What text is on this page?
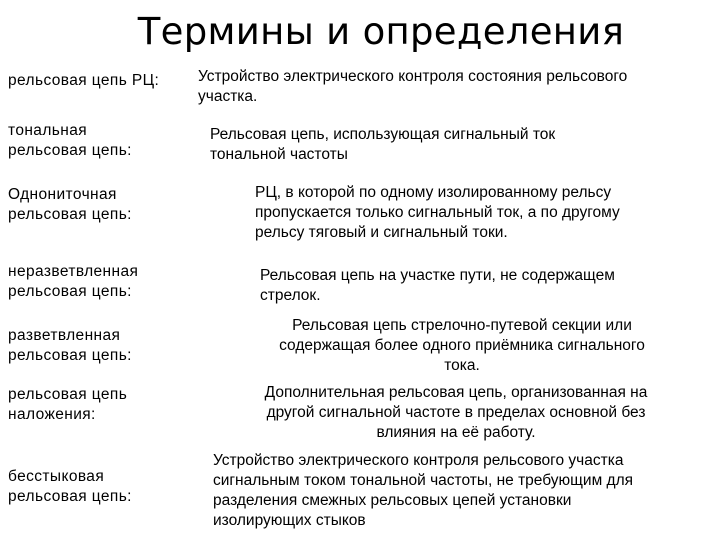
Термины и определения
рельсовая цепь РЦ:	Устройство электрического контроля состояния рельсового
участка.
тональная
рельсовая цепь:
Рельсовая цепь, использующая сигнальный ток
тональной частоты
Однониточная
рельсовая цепь:
РЦ, в которой по одному изолированному рельсу
пропускается только сигнальный ток, а по другому
рельсу тяговый и сигнальный токи.
неразветвленная
рельсовая цепь:
Рельсовая цепь на участке пути, не содержащем
стрелок.
разветвленная
рельсовая цепь:
Рельсовая цепь стрелочно-путевой секции или
содержащая более одного приёмника сигнального
тока.
рельсовая цепь
наложения:
Дополнительная рельсовая цепь, организованная на
другой сигнальной частоте в пределах основной без
влияния на её работу.
бесстыковая
рельсовая цепь:
Устройство электрического контроля рельсового участка
сигнальным током тональной частоты, не требующим для
разделения смежных рельсовых цепей установки
изолирующих стыков
